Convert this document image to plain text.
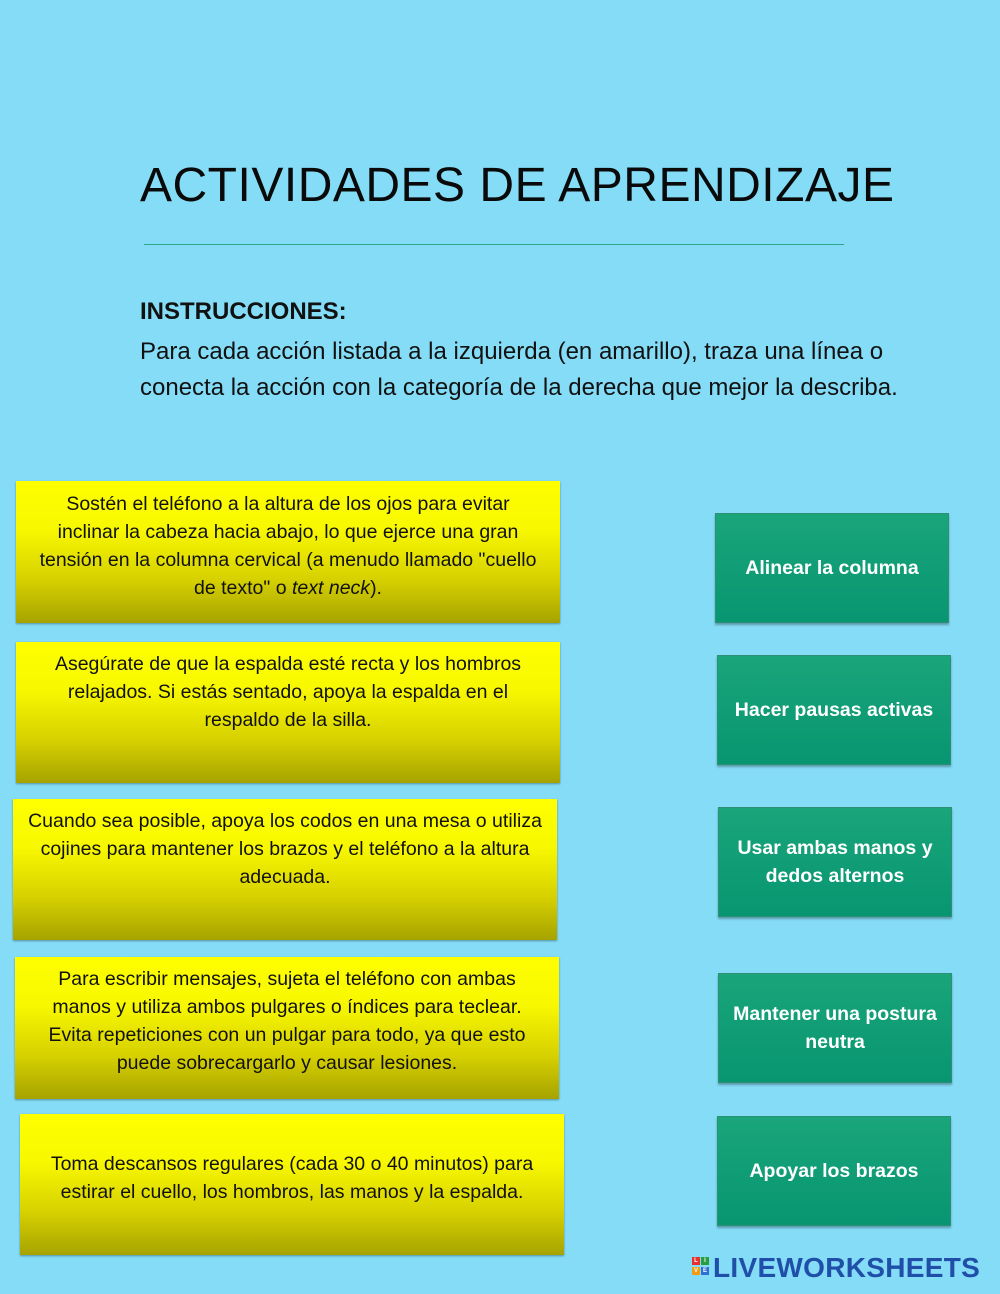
ACTIVIDADES DE APRENDIZAJE
INSTRUCCIONES:
Para cada acción listada a la izquierda (en amarillo), traza una línea o conecta la acción con la categoría de la derecha que mejor la describa.
Sostén el teléfono a la altura de los ojos para evitar inclinar la cabeza hacia abajo, lo que ejerce una gran tensión en la columna cervical (a menudo llamado "cuello de texto" o text neck).
Asegúrate de que la espalda esté recta y los hombros relajados. Si estás sentado, apoya la espalda en el respaldo de la silla.
Cuando sea posible, apoya los codos en una mesa o utiliza cojines para mantener los brazos y el teléfono a la altura adecuada.
Para escribir mensajes, sujeta el teléfono con ambas manos y utiliza ambos pulgares o índices para teclear. Evita repeticiones con un pulgar para todo, ya que esto puede sobrecargarlo y causar lesiones.
Toma descansos regulares (cada 30 o 40 minutos) para estirar el cuello, los hombros, las manos y la espalda.
Alinear la columna
Hacer pausas activas
Usar ambas manos y dedos alternos
Mantener una postura neutra
Apoyar los brazos
L	I
V E LIVEWORKSHEETS
